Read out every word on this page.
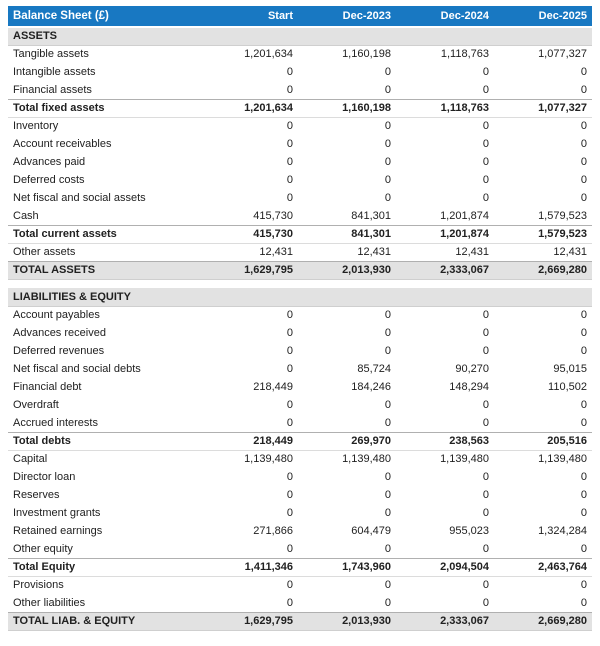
Balance Sheet (£)	Start	Dec-2023	Dec-2024	Dec-2025
ASSETS				
Tangible assets	1,201,634	1,160,198	1,118,763	1,077,327
Intangible assets	0	0	0	0
Financial assets	0	0	0	0
Total fixed assets	1,201,634	1,160,198	1,118,763	1,077,327
Inventory	0	0	0	0
Account receivables	0	0	0	0
Advances paid	0	0	0	0
Deferred costs	0	0	0	0
Net fiscal and social assets	0	0	0	0
Cash	415,730	841,301	1,201,874	1,579,523
Total current assets	415,730	841,301	1,201,874	1,579,523
Other assets	12,431	12,431	12,431	12,431
TOTAL ASSETS	1,629,795	2,013,930	2,333,067	2,669,280

LIABILITIES & EQUITY				
Account payables	0	0	0	0
Advances received	0	0	0	0
Deferred revenues	0	0	0	0
Net fiscal and social debts	0	85,724	90,270	95,015
Financial debt	218,449	184,246	148,294	110,502
Overdraft	0	0	0	0
Accrued interests	0	0	0	0
Total debts	218,449	269,970	238,563	205,516
Capital	1,139,480	1,139,480	1,139,480	1,139,480
Director loan	0	0	0	0
Reserves	0	0	0	0
Investment grants	0	0	0	0
Retained earnings	271,866	604,479	955,023	1,324,284
Other equity	0	0	0	0
Total Equity	1,411,346	1,743,960	2,094,504	2,463,764
Provisions	0	0	0	0
Other liabilities	0	0	0	0
TOTAL LIAB. & EQUITY	1,629,795	2,013,930	2,333,067	2,669,280
